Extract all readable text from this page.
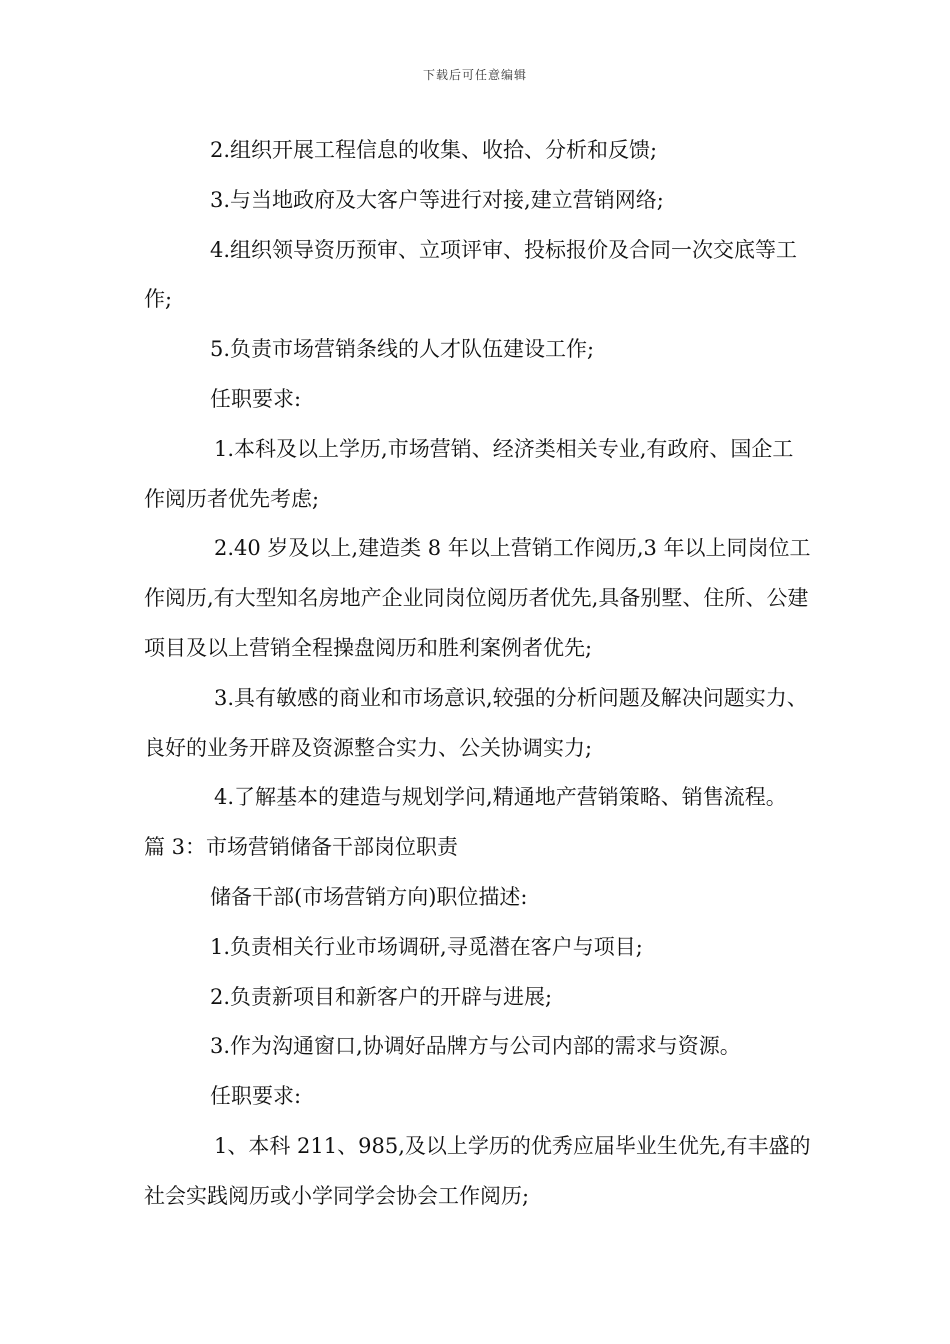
下载后可任意编辑

2.组织开展工程信息的收集、收拾、分析和反馈;

3.与当地政府及大客户等进行对接,建立营销网络;

4.组织领导资历预审、立项评审、投标报价及合同一次交底等工作;

5.负责市场营销条线的人才队伍建设工作;

任职要求:

1.本科及以上学历,市场营销、经济类相关专业,有政府、国企工作阅历者优先考虑;

2.40 岁及以上,建造类 8 年以上营销工作阅历,3 年以上同岗位工作阅历,有大型知名房地产企业同岗位阅历者优先,具备别墅、住所、公建项目及以上营销全程操盘阅历和胜利案例者优先;

3.具有敏感的商业和市场意识,较强的分析问题及解决问题实力、良好的业务开辟及资源整合实力、公关协调实力;

4.了解基本的建造与规划学问,精通地产营销策略、销售流程。

篇 3：市场营销储备干部岗位职责

储备干部(市场营销方向)职位描述:

1.负责相关行业市场调研,寻觅潜在客户与项目;

2.负责新项目和新客户的开辟与进展;

3.作为沟通窗口,协调好品牌方与公司内部的需求与资源。

任职要求:

1、本科 211、985,及以上学历的优秀应届毕业生优先,有丰盛的社会实践阅历或小学同学会协会工作阅历;
